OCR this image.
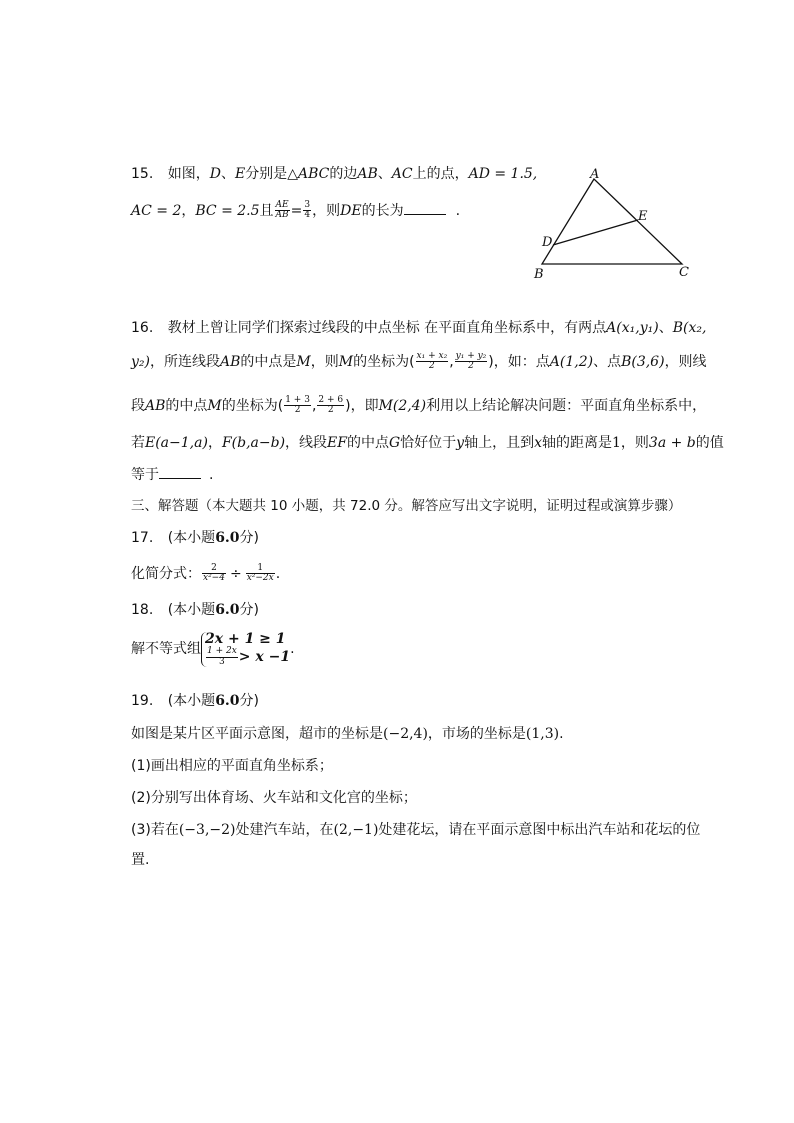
15. 如图，D、E分别是△ABC的边AB、AC上的点，AD = 1.5,
AC = 2，BC = 2.5且 $\frac{AE}{AB} = \frac{3}{4}$ ，则DE的长为	.
A
B	C
D
E
16. 教材上曾让同学们探索过线段的中点坐标 在平面直角坐标系中，有两点A(x₁,y₁)、B(x₂,
y₂)，所连线段AB的中点是M，则M的坐标为( $\frac{\text{x₁ + x₂}}{2}$ , $\frac{\text{y₁ + y₂}}{2}$ )，如：点A(1,2)、点B(3,6)，则线
段AB的中点M的坐标为( $\frac{1 + 3}{2}$ , $\frac{2 + 6}{2}$ )，即M(2,4)利用以上结论解决问题：平面直角坐标系中，
若E(a−1,a)，F(b,a−b)，线段EF的中点G恰好位于y轴上，且到x轴的距离是1，则3a + b的值
等于	.
三、解答题（本大题共 10 小题，共 72.0 分。解答应写出文字说明，证明过程或演算步骤）
17. (本小题6.0分)
化简分式： $\frac{2}{\text{x²−4}} \div \frac{1}{\text{x²−2x}}$ .
18. (本小题6.0分)
解不等式组
2x + 1 ≥ 1
$\frac{1 + 2x}{3} > x -1$
.
19. (本小题6.0分)
如图是某片区平面示意图，超市的坐标是(−2,4)，市场的坐标是(1,3).
(1)画出相应的平面直角坐标系；
(2)分别写出体育场、火车站和文化宫的坐标；
(3)若在(−3,−2)处建汽车站，在(2,−1)处建花坛，请在平面示意图中标出汽车站和花坛的位
置.
